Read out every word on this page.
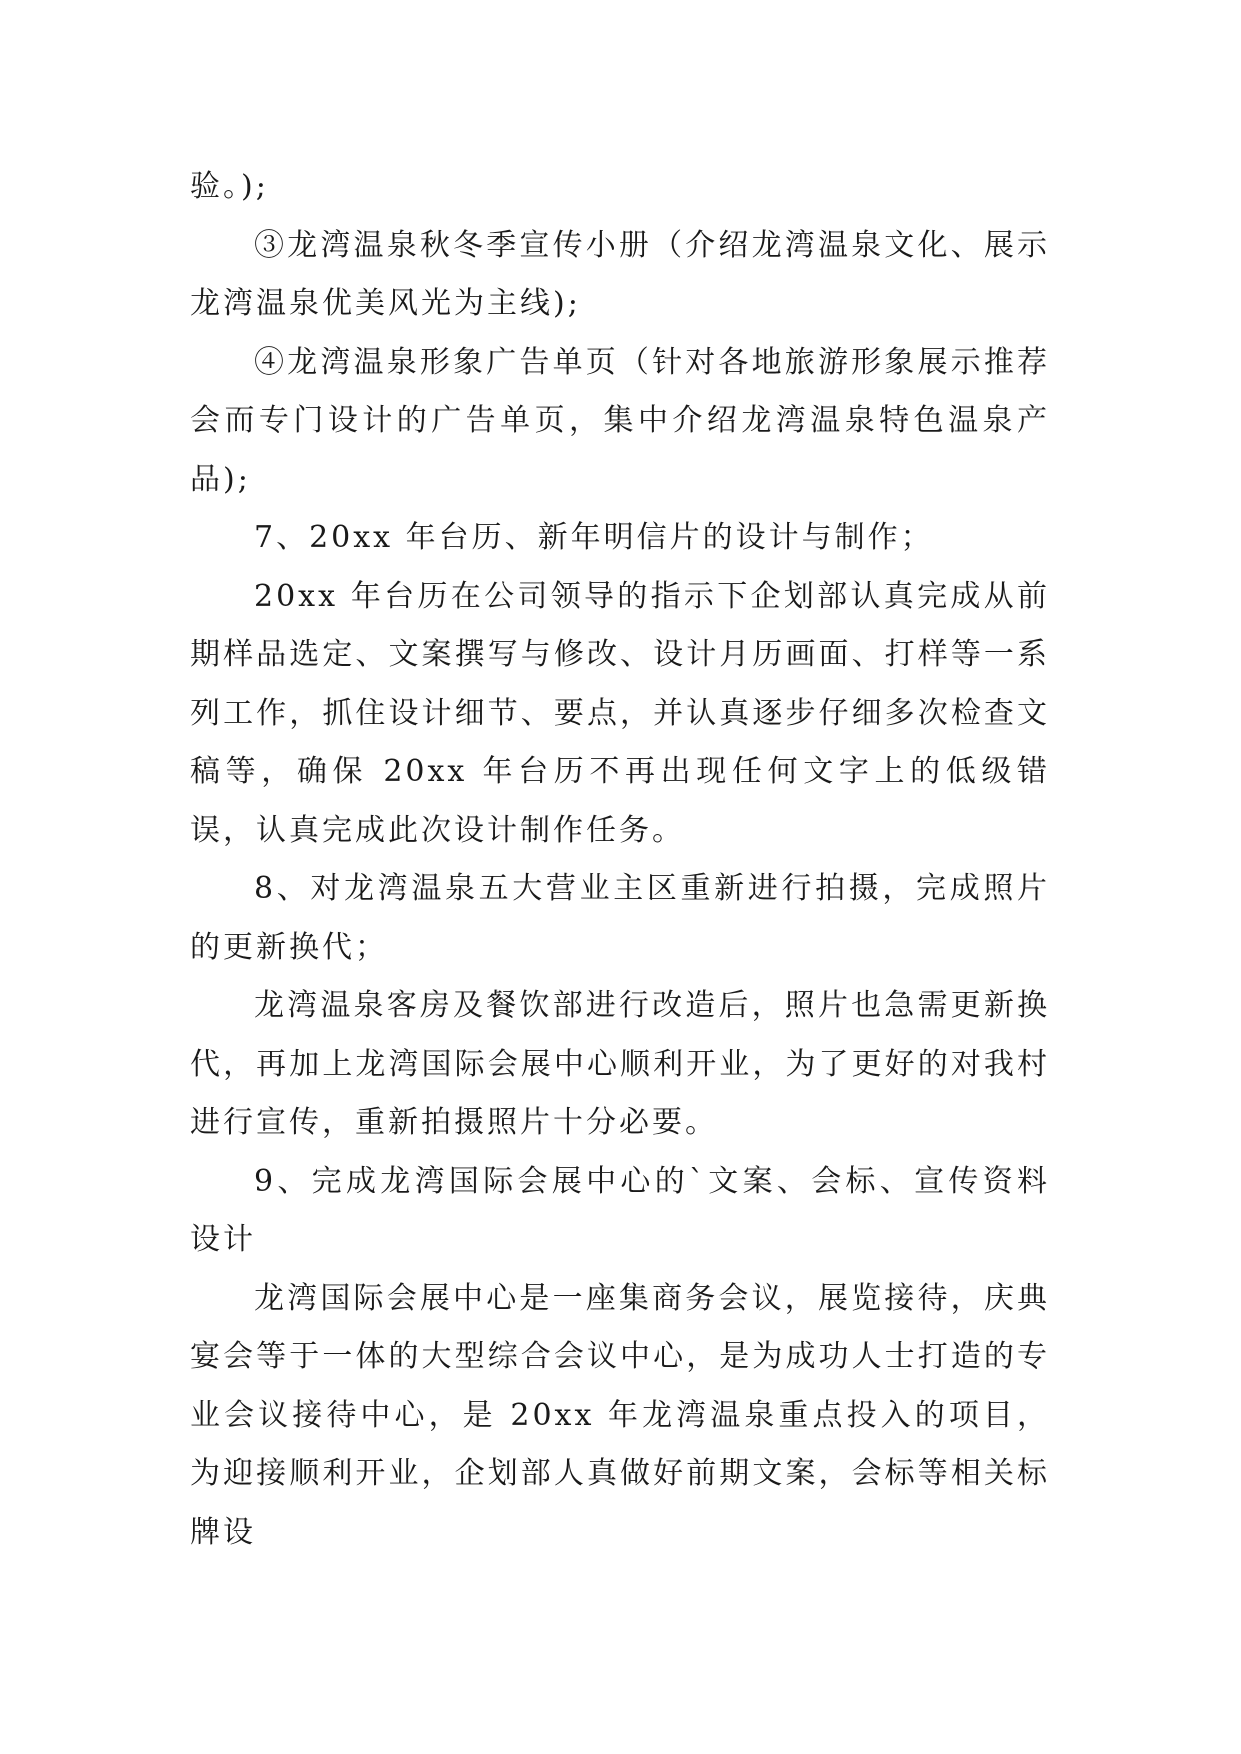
验。);

③龙湾温泉秋冬季宣传小册（介绍龙湾温泉文化、展示龙湾温泉优美风光为主线);

④龙湾温泉形象广告单页（针对各地旅游形象展示推荐会而专门设计的广告单页，集中介绍龙湾温泉特色温泉产品);

7、20xx 年台历、新年明信片的设计与制作；

20xx 年台历在公司领导的指示下企划部认真完成从前期样品选定、文案撰写与修改、设计月历画面、打样等一系列工作，抓住设计细节、要点，并认真逐步仔细多次检查文稿等，确保 20xx 年台历不再出现任何文字上的低级错误，认真完成此次设计制作任务。

8、对龙湾温泉五大营业主区重新进行拍摄，完成照片的更新换代；

龙湾温泉客房及餐饮部进行改造后，照片也急需更新换代，再加上龙湾国际会展中心顺利开业，为了更好的对我村进行宣传，重新拍摄照片十分必要。

9、完成龙湾国际会展中心的`文案、会标、宣传资料设计

龙湾国际会展中心是一座集商务会议，展览接待，庆典宴会等于一体的大型综合会议中心，是为成功人士打造的专业会议接待中心，是 20xx 年龙湾温泉重点投入的项目，为迎接顺利开业，企划部人真做好前期文案，会标等相关标牌设
